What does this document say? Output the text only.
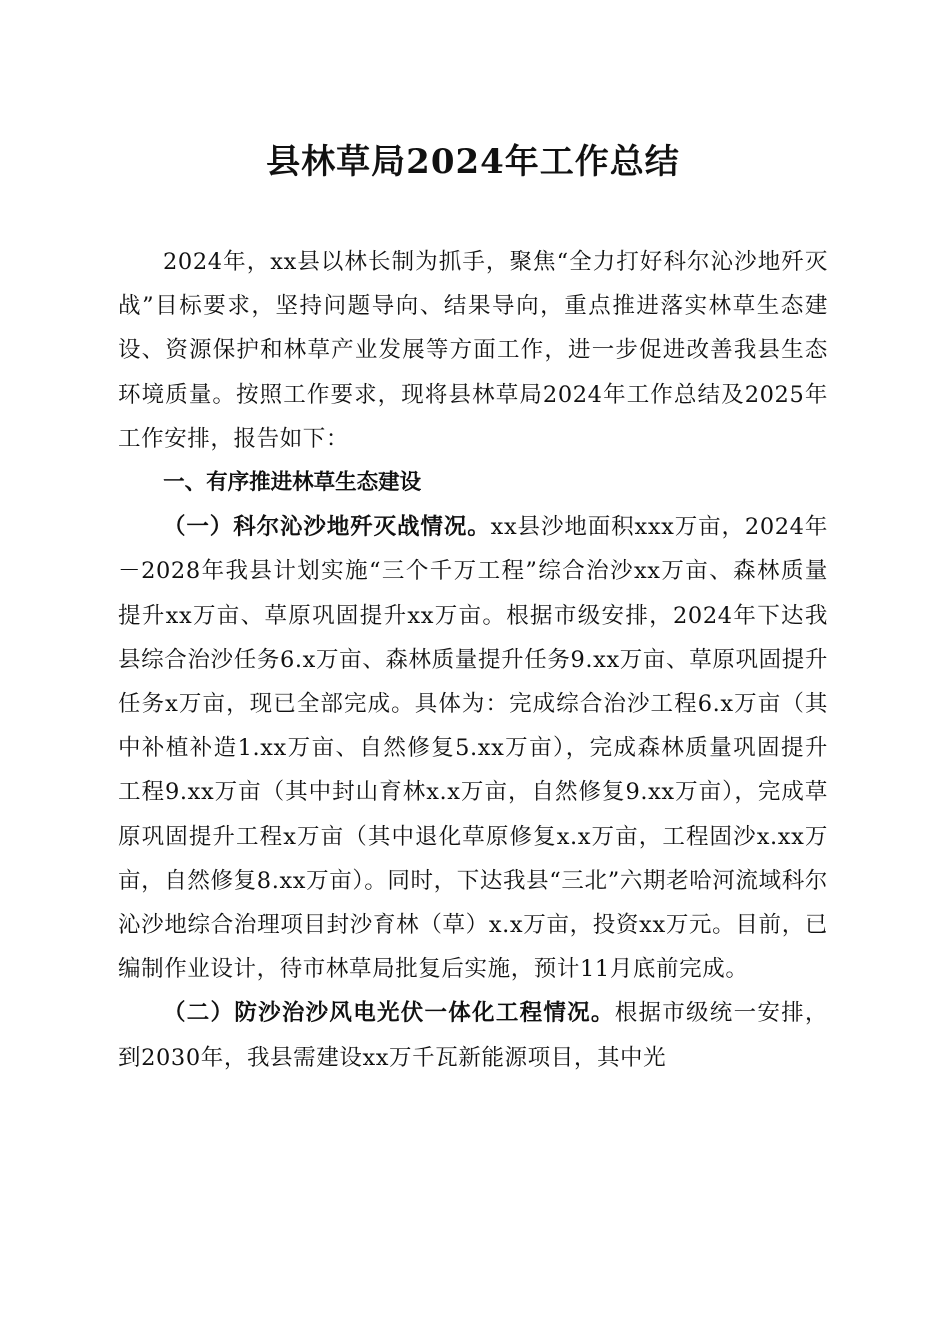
县林草局2024年工作总结

2024年，xx县以林长制为抓手，聚焦“全力打好科尔沁沙地歼灭战”目标要求，坚持问题导向、结果导向，重点推进落实林草生态建设、资源保护和林草产业发展等方面工作，进一步促进改善我县生态环境质量。按照工作要求，现将县林草局2024年工作总结及2025年工作安排，报告如下：

一、有序推进林草生态建设

（一）科尔沁沙地歼灭战情况。xx县沙地面积xxx万亩，2024年－2028年我县计划实施“三个千万工程”综合治沙xx万亩、森林质量提升xx万亩、草原巩固提升xx万亩。根据市级安排，2024年下达我县综合治沙任务6.x万亩、森林质量提升任务9.xx万亩、草原巩固提升任务x万亩，现已全部完成。具体为：完成综合治沙工程6.x万亩（其中补植补造1.xx万亩、自然修复5.xx万亩），完成森林质量巩固提升工程9.xx万亩（其中封山育林x.x万亩，自然修复9.xx万亩），完成草原巩固提升工程x万亩（其中退化草原修复x.x万亩，工程固沙x.xx万亩，自然修复8.xx万亩）。同时，下达我县“三北”六期老哈河流域科尔沁沙地综合治理项目封沙育林（草）x.x万亩，投资xx万元。目前，已编制作业设计，待市林草局批复后实施，预计11月底前完成。

（二）防沙治沙风电光伏一体化工程情况。根据市级统一安排，到2030年，我县需建设xx万千瓦新能源项目，其中光
